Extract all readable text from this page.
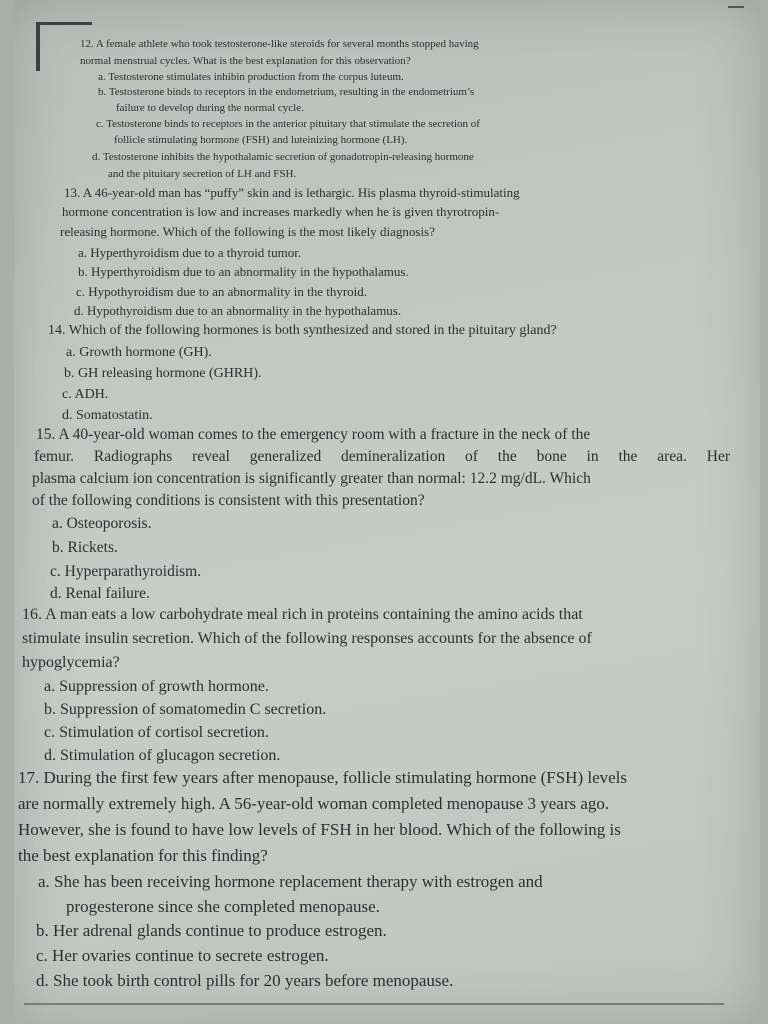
12. A female athlete who took testosterone-like steroids for several months stopped having

normal menstrual cycles. What is the best explanation for this observation?

a. Testosterone stimulates inhibin production from the corpus luteum.

b. Testosterone binds to receptors in the endometrium, resulting in the endometrium’s

failure to develop during the normal cycle.

c. Testosterone binds to receptors in the anterior pituitary that stimulate the secretion of

follicle stimulating hormone (FSH) and luteinizing hormone (LH).

d. Testosterone inhibits the hypothalamic secretion of gonadotropin-releasing hormone

and the pituitary secretion of LH and FSH.

13. A 46-year-old man has “puffy” skin and is lethargic. His plasma thyroid-stimulating

hormone concentration is low and increases markedly when he is given thyrotropin-

releasing hormone. Which of the following is the most likely diagnosis?

a. Hyperthyroidism due to a thyroid tumor.

b. Hyperthyroidism due to an abnormality in the hypothalamus.

c. Hypothyroidism due to an abnormality in the thyroid.

d. Hypothyroidism due to an abnormality in the hypothalamus.

14. Which of the following hormones is both synthesized and stored in the pituitary gland?

a. Growth hormone (GH).

b. GH releasing hormone (GHRH).

c. ADH.

d. Somatostatin.

15. A 40-year-old woman comes to the emergency room with a fracture in the neck of the

femur. Radiographs reveal generalized demineralization of the bone in the area. Her

plasma calcium ion concentration is significantly greater than normal: 12.2 mg/dL. Which

of the following conditions is consistent with this presentation?

a. Osteoporosis.

b. Rickets.

c. Hyperparathyroidism.

d. Renal failure.

16. A man eats a low carbohydrate meal rich in proteins containing the amino acids that

stimulate insulin secretion. Which of the following responses accounts for the absence of

hypoglycemia?

a. Suppression of growth hormone.

b. Suppression of somatomedin C secretion.

c. Stimulation of cortisol secretion.

d. Stimulation of glucagon secretion.

17. During the first few years after menopause, follicle stimulating hormone (FSH) levels

are normally extremely high. A 56-year-old woman completed menopause 3 years ago.

However, she is found to have low levels of FSH in her blood. Which of the following is

the best explanation for this finding?

a. She has been receiving hormone replacement therapy with estrogen and

progesterone since she completed menopause.

b. Her adrenal glands continue to produce estrogen.

c. Her ovaries continue to secrete estrogen.

d. She took birth control pills for 20 years before menopause.
